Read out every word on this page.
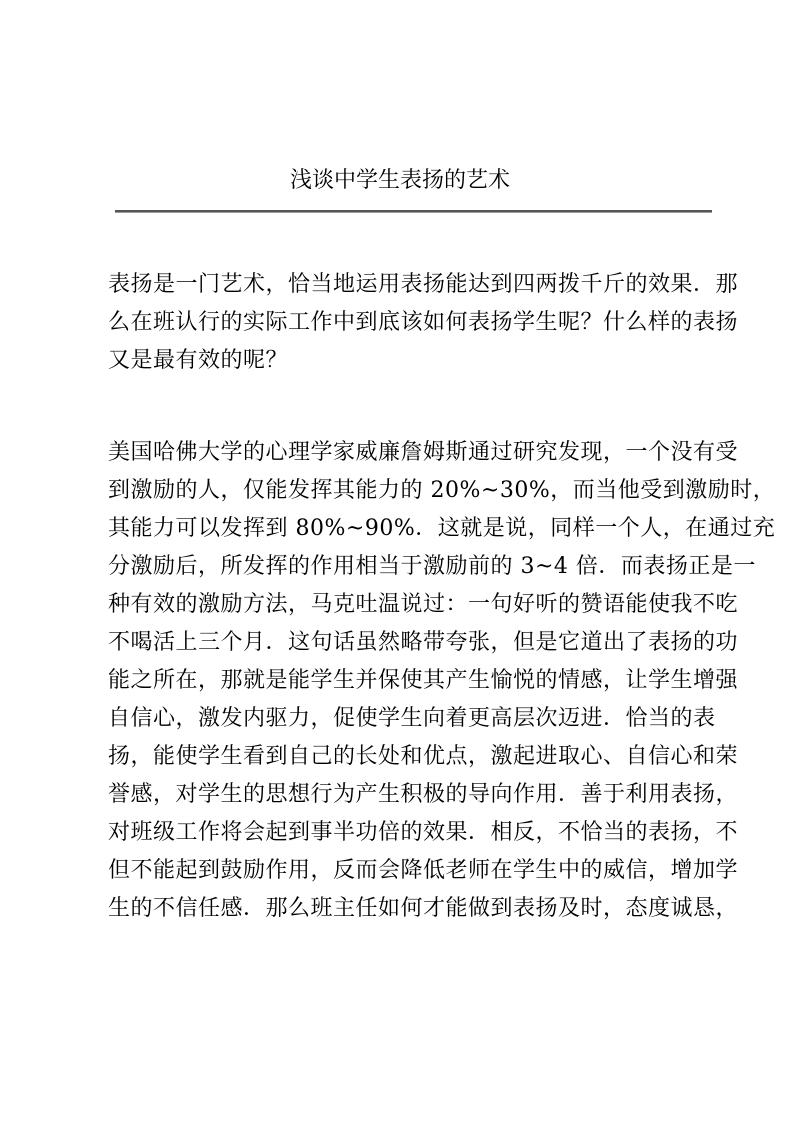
浅谈中学生表扬的艺术
表扬是一门艺术，恰当地运用表扬能达到四两拨千斤的效果．那
么在班认行的实际工作中到底该如何表扬学生呢？什么样的表扬
又是最有效的呢？
美国哈佛大学的心理学家威廉詹姆斯通过研究发现，一个没有受
到激励的人，仅能发挥其能力的 20%~30%，而当他受到激励时，
其能力可以发挥到 80%~90%．这就是说，同样一个人，在通过充
分激励后，所发挥的作用相当于激励前的 3~4 倍．而表扬正是一
种有效的激励方法，马克吐温说过：一句好听的赞语能使我不吃
不喝活上三个月．这句话虽然略带夸张，但是它道出了表扬的功
能之所在，那就是能学生并保使其产生愉悦的情感，让学生增强
自信心，激发内驱力，促使学生向着更高层次迈进．恰当的表
扬，能使学生看到自己的长处和优点，激起进取心、自信心和荣
誉感，对学生的思想行为产生积极的导向作用．善于利用表扬，
对班级工作将会起到事半功倍的效果．相反，不恰当的表扬，不
但不能起到鼓励作用，反而会降低老师在学生中的威信，增加学
生的不信任感．那么班主任如何才能做到表扬及时，态度诚恳，
